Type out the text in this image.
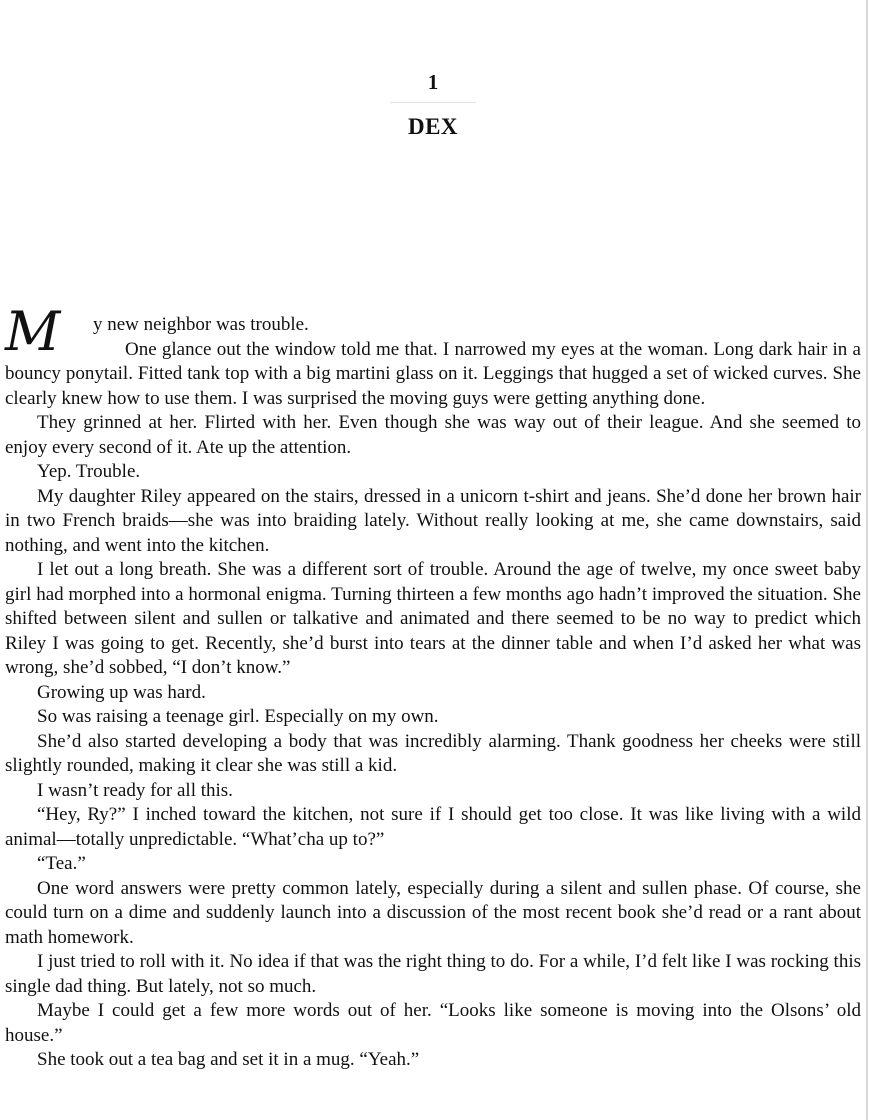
1
DEX
M	y new neighbor was trouble.

One glance out the window told me that. I narrowed my eyes at the woman. Long dark hair in a bouncy ponytail. Fitted tank top with a big martini glass on it. Leggings that hugged a set of wicked curves. She clearly knew how to use them. I was surprised the moving guys were getting anything done.

They grinned at her. Flirted with her. Even though she was way out of their league. And she seemed to enjoy every second of it. Ate up the attention.

Yep. Trouble.

My daughter Riley appeared on the stairs, dressed in a unicorn t-shirt and jeans. She’d done her brown hair in two French braids—she was into braiding lately. Without really looking at me, she came downstairs, said nothing, and went into the kitchen.

I let out a long breath. She was a different sort of trouble. Around the age of twelve, my once sweet baby girl had morphed into a hormonal enigma. Turning thirteen a few months ago hadn’t improved the situation. She shifted between silent and sullen or talkative and animated and there seemed to be no way to predict which Riley I was going to get. Recently, she’d burst into tears at the dinner table and when I’d asked her what was wrong, she’d sobbed, “I don’t know.”

Growing up was hard.

So was raising a teenage girl. Especially on my own.

She’d also started developing a body that was incredibly alarming. Thank goodness her cheeks were still slightly rounded, making it clear she was still a kid.

I wasn’t ready for all this.

“Hey, Ry?” I inched toward the kitchen, not sure if I should get too close. It was like living with a wild animal—totally unpredictable. “What’cha up to?”

“Tea.”

One word answers were pretty common lately, especially during a silent and sullen phase. Of course, she could turn on a dime and suddenly launch into a discussion of the most recent book she’d read or a rant about math homework.

I just tried to roll with it. No idea if that was the right thing to do. For a while, I’d felt like I was rocking this single dad thing. But lately, not so much.

Maybe I could get a few more words out of her. “Looks like someone is moving into the Olsons’ old house.”

She took out a tea bag and set it in a mug. “Yeah.”
